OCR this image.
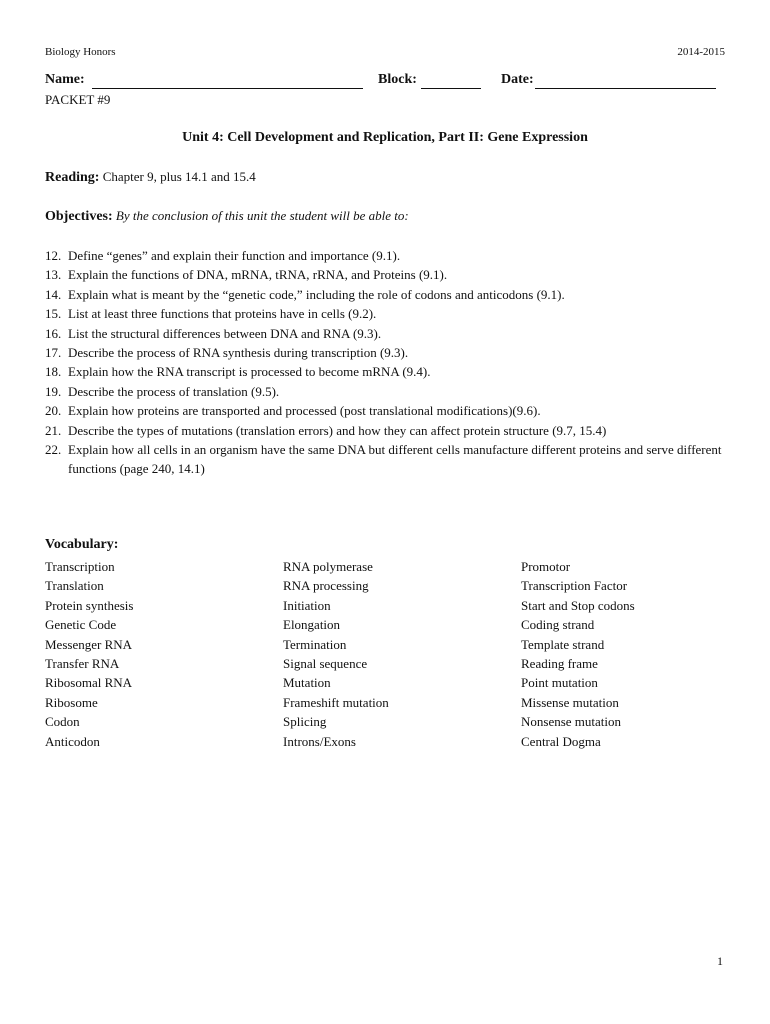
Biology Honors	2014-2015
Name:	Block:	Date:
PACKET #9
Unit 4: Cell Development and Replication, Part II: Gene Expression
Reading: Chapter 9, plus 14.1 and 15.4
Objectives: By the conclusion of this unit the student will be able to:
12. Define “genes” and explain their function and importance (9.1).
13. Explain the functions of DNA, mRNA, tRNA, rRNA, and Proteins (9.1).
14. Explain what is meant by the “genetic code,” including the role of codons and anticodons (9.1).
15. List at least three functions that proteins have in cells (9.2).
16. List the structural differences between DNA and RNA (9.3).
17. Describe the process of RNA synthesis during transcription (9.3).
18. Explain how the RNA transcript is processed to become mRNA (9.4).
19. Describe the process of translation (9.5).
20. Explain how proteins are transported and processed (post translational modifications)(9.6).
21. Describe the types of mutations (translation errors) and how they can affect protein structure (9.7, 15.4)
22. Explain how all cells in an organism have the same DNA but different cells manufacture different proteins and serve different functions (page 240, 14.1)
Vocabulary:
Transcription
Translation
Protein synthesis
Genetic Code
Messenger RNA
Transfer RNA
Ribosomal RNA
Ribosome
Codon
Anticodon
RNA polymerase
RNA processing
Initiation
Elongation
Termination
Signal sequence
Mutation
Frameshift mutation
Splicing
Introns/Exons
Promotor
Transcription Factor
Start and Stop codons
Coding strand
Template strand
Reading frame
Point mutation
Missense mutation
Nonsense mutation
Central Dogma
1
